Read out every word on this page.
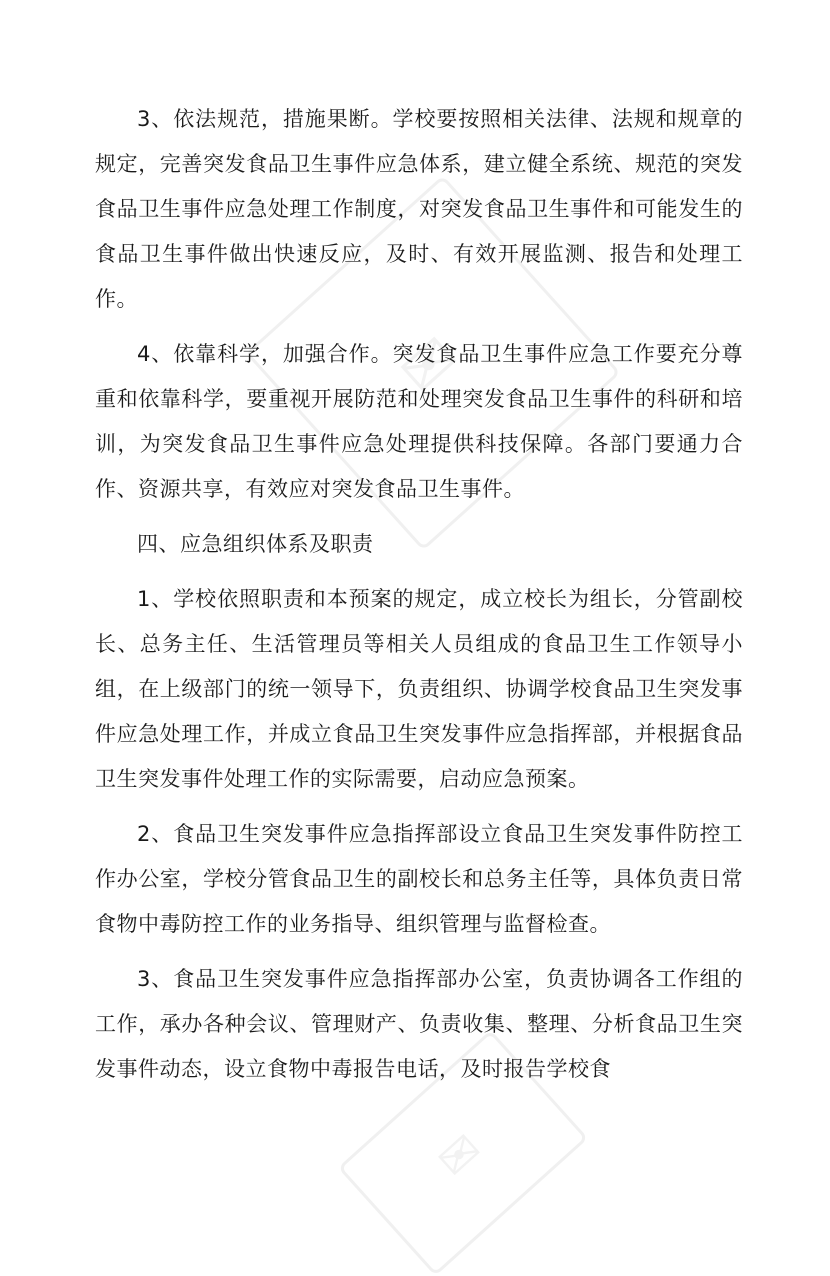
✉
✉

3、依法规范，措施果断。学校要按照相关法律、法规和规章的规定，完善突发食品卫生事件应急体系，建立健全系统、规范的突发食品卫生事件应急处理工作制度，对突发食品卫生事件和可能发生的食品卫生事件做出快速反应，及时、有效开展监测、报告和处理工作。

4、依靠科学，加强合作。突发食品卫生事件应急工作要充分尊重和依靠科学，要重视开展防范和处理突发食品卫生事件的科研和培训，为突发食品卫生事件应急处理提供科技保障。各部门要通力合作、资源共享，有效应对突发食品卫生事件。

四、应急组织体系及职责

1、学校依照职责和本预案的规定，成立校长为组长，分管副校长、总务主任、生活管理员等相关人员组成的食品卫生工作领导小组，在上级部门的统一领导下，负责组织、协调学校食品卫生突发事件应急处理工作，并成立食品卫生突发事件应急指挥部，并根据食品卫生突发事件处理工作的实际需要，启动应急预案。

2、食品卫生突发事件应急指挥部设立食品卫生突发事件防控工作办公室，学校分管食品卫生的副校长和总务主任等，具体负责日常食物中毒防控工作的业务指导、组织管理与监督检查。

3、食品卫生突发事件应急指挥部办公室，负责协调各工作组的工作，承办各种会议、管理财产、负责收集、整理、分析食品卫生突发事件动态，设立食物中毒报告电话，及时报告学校食
